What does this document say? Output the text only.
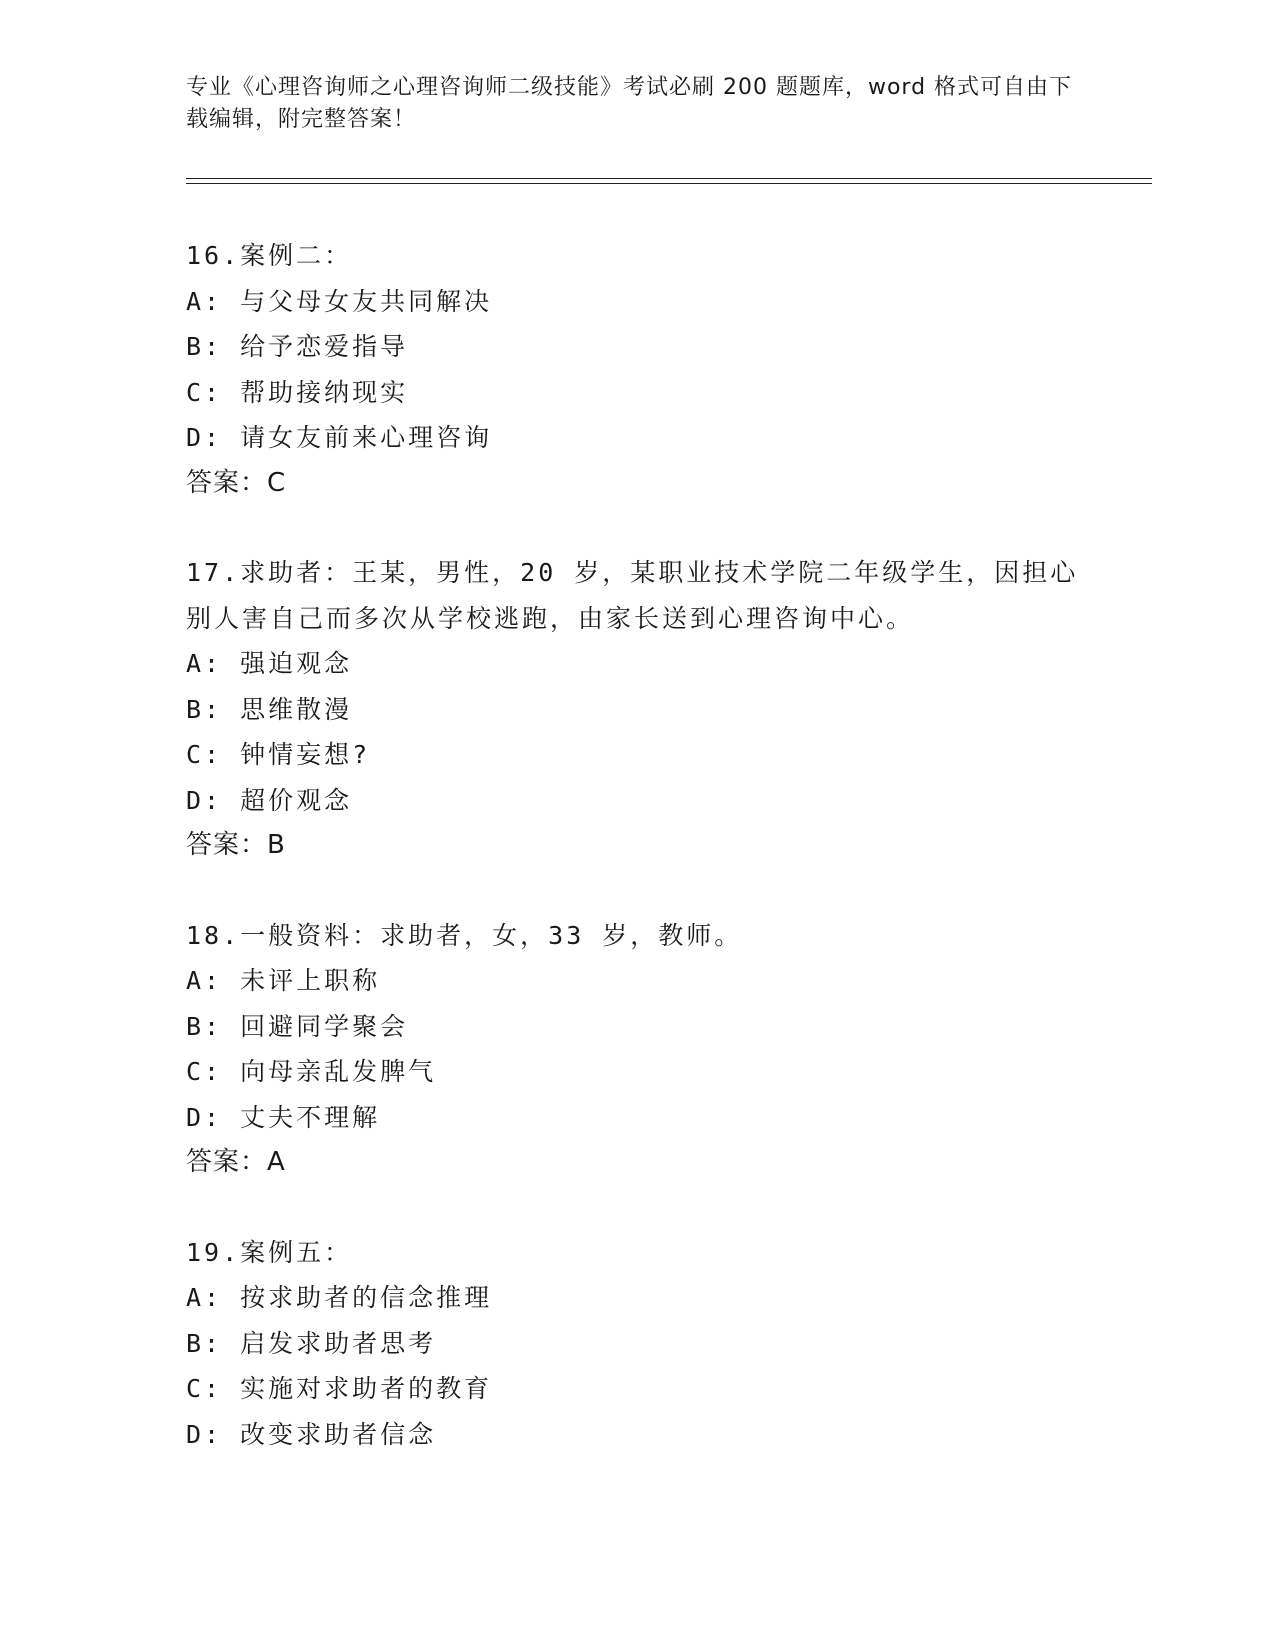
专业《心理咨询师之心理咨询师二级技能》考试必刷 200 题题库，word 格式可自由下载编辑，附完整答案！
16.案例二：
A: 与父母女友共同解决
B: 给予恋爱指导
C: 帮助接纳现实
D: 请女友前来心理咨询
答案：C
17.求助者：王某，男性，20 岁，某职业技术学院二年级学生，因担心别人害自己而多次从学校逃跑，由家长送到心理咨询中心。
A: 强迫观念
B: 思维散漫
C: 钟情妄想?
D: 超价观念
答案：B
18.一般资料：求助者，女，33 岁，教师。
A: 未评上职称
B: 回避同学聚会
C: 向母亲乱发脾气
D: 丈夫不理解
答案：A
19.案例五：
A: 按求助者的信念推理
B: 启发求助者思考
C: 实施对求助者的教育
D: 改变求助者信念
